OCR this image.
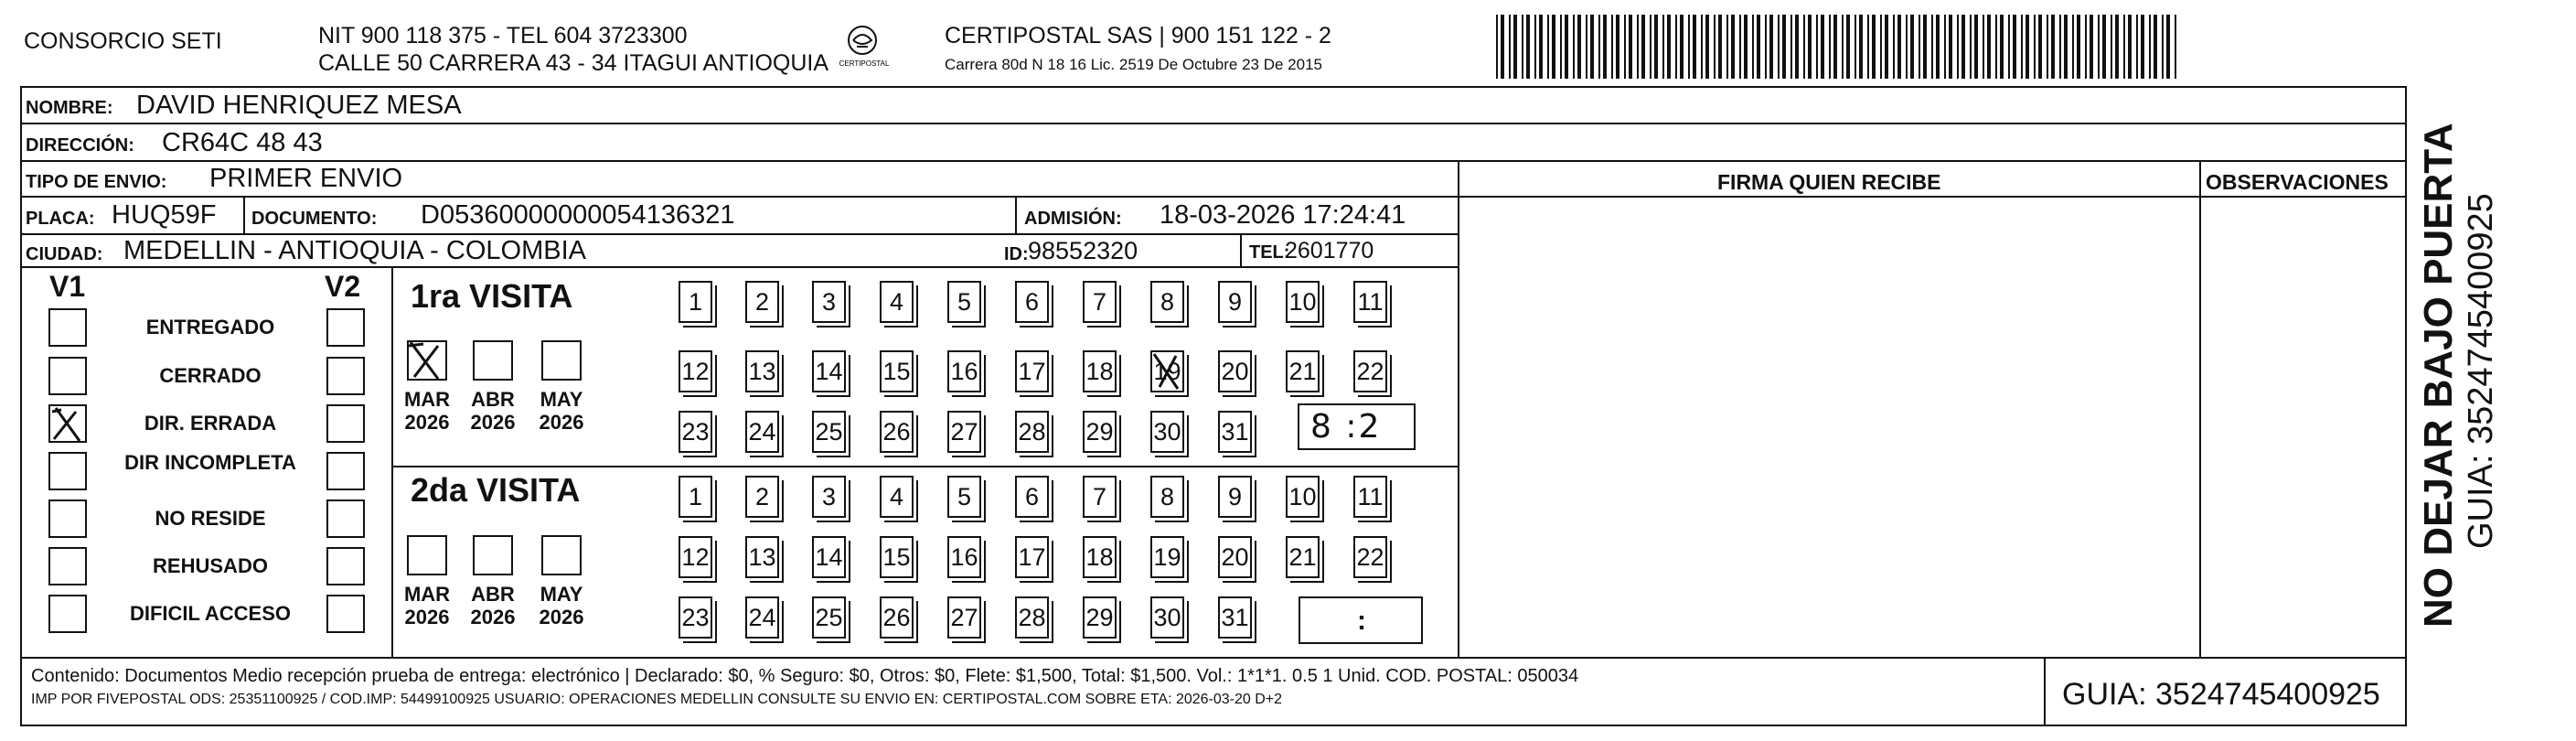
CONSORCIO SETI	NIT 900 118 375 - TEL 604 3723300
CALLE 50 CARRERA 43 - 34 ITAGUI ANTIOQUIA CERTIPOSTAL
CERTIPOSTAL SAS | 900 151 122 - 2
Carrera 80d N 18 16 Lic. 2519 De Octubre 23 De 2015
NOMBRE: DAVID HENRIQUEZ MESA
DIRECCIÓN: CR64C 48 43
TIPO DE ENVIO: PRIMER ENVIO	FIRMA QUIEN RECIBE	OBSERVACIONES
PLACA: HUQ59F DOCUMENTO: D05360000000054136321	ADMISIÓN: 18-03-2026 17:24:41
CIUDAD: MEDELLIN - ANTIOQUIA - COLOMBIA	ID: 98552320	TEL:
2601770
V1	V2
ENTREGADO
CERRADO
DIR. ERRADA
DIR INCOMPLETA
NO RESIDE
REHUSADO
DIFICIL ACCESO
1ra VISITA
MAR
2026
ABR
2026
MAY
2026
1	2	3	4	5	6	7	8	9	10 11
12 13 14 15 16 17 18 19 20 21 22
23 24 25 26 27 28 29 30 31 8 :2
2da VISITA
MAR
2026
ABR
2026
MAY
2026
1	2	3	4	5	6	7	8	9	10 11
12 13 14 15 16 17 18 19 20 21 22
23 24 25 26 27 28 29 30 31	:
Contenido: Documentos Medio recepción prueba de entrega: electrónico | Declarado: $0, % Seguro: $0, Otros: $0, Flete: $1,500, Total: $1,500. Vol.: 1*1*1. 0.5 1 Unid. COD. POSTAL: 050034
IMP POR FIVEPOSTAL ODS: 25351100925 / COD.IMP: 54499100925 USUARIO: OPERACIONES MEDELLIN CONSULTE SU ENVIO EN: CERTIPOSTAL.COM SOBRE ETA: 2026-03-20 D+2	GUIA: 3524745400925
NO DEJAR BAJO PUERTA GUIA: 3524745400925
